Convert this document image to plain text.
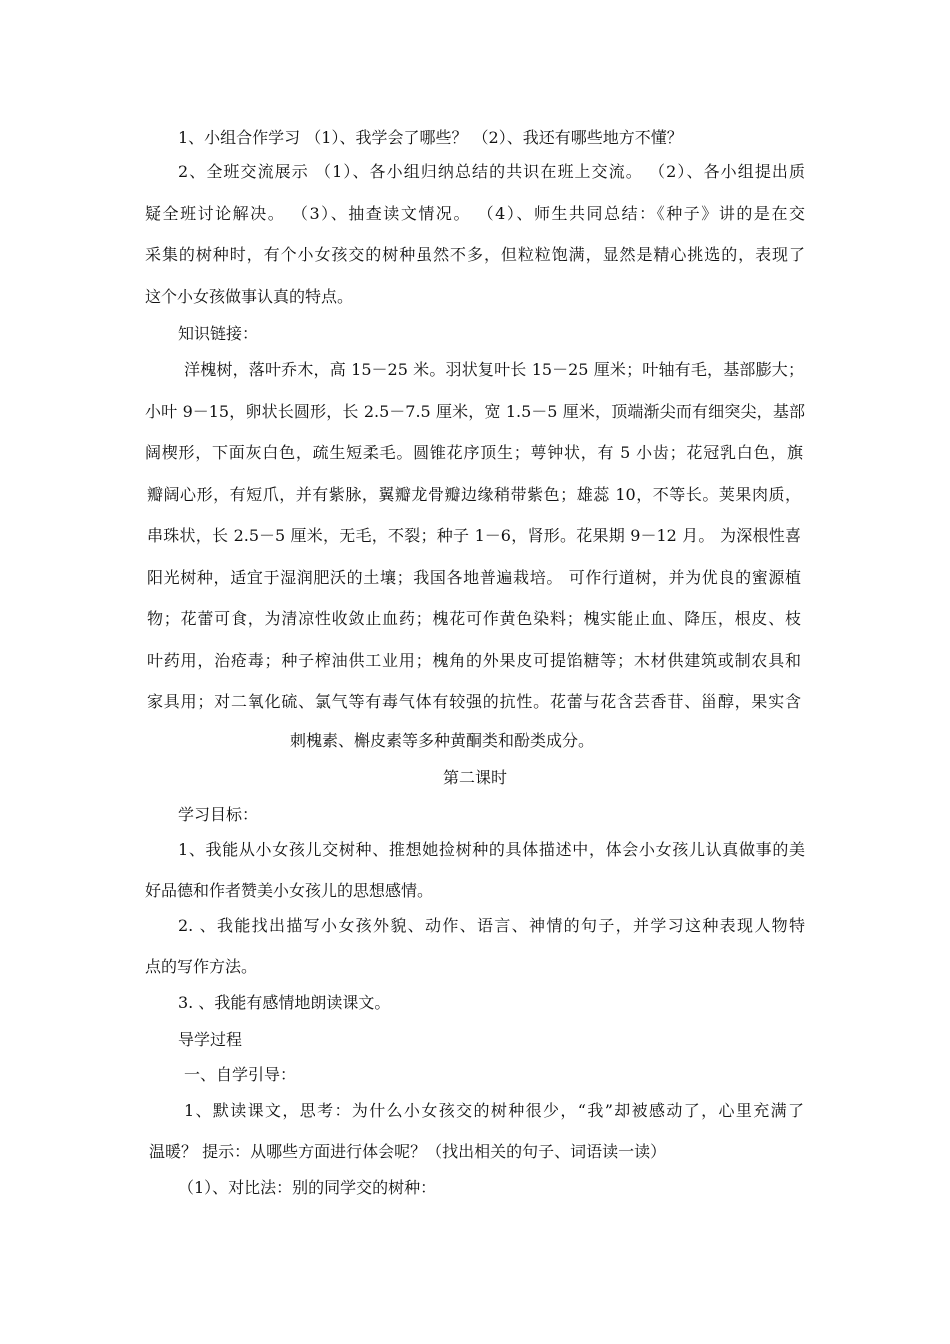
1、小组合作学习 （1）、我学会了哪些？ （2）、我还有哪些地方不懂？
2、全班交流展示 （1）、各小组归纳总结的共识在班上交流。 （2）、各小组提出质
疑全班讨论解决。 （3）、抽查读文情况。 （4）、师生共同总结：《种子》讲的是在交
采集的树种时，有个小女孩交的树种虽然不多，但粒粒饱满，显然是精心挑选的，表现了
这个小女孩做事认真的特点。
知识链接：
洋槐树，落叶乔木，高 15－25 米。羽状复叶长 15－25 厘米；叶轴有毛，基部膨大；
小叶 9－15，卵状长圆形，长 2.5－7.5 厘米，宽 1.5－5 厘米，顶端渐尖而有细突尖，基部
阔楔形，下面灰白色，疏生短柔毛。圆锥花序顶生；萼钟状，有 5 小齿；花冠乳白色，旗
瓣阔心形，有短爪，并有紫脉，翼瓣龙骨瓣边缘稍带紫色；雄蕊 10，不等长。荚果肉质，
串珠状，长 2.5－5 厘米，无毛，不裂；种子 1－6，肾形。花果期 9－12 月。 为深根性喜
阳光树种，适宜于湿润肥沃的土壤；我国各地普遍栽培。 可作行道树，并为优良的蜜源植
物；花蕾可食，为清凉性收敛止血药；槐花可作黄色染料；槐实能止血、降压，根皮、枝
叶药用，治疮毒；种子榨油供工业用；槐角的外果皮可提馅糖等；木材供建筑或制农具和
家具用；对二氧化硫、氯气等有毒气体有较强的抗性。花蕾与花含芸香苷、甾醇，果实含
刺槐素、槲皮素等多种黄酮类和酚类成分。
第二课时
学习目标：
1、我能从小女孩儿交树种、推想她捡树种的具体描述中，体会小女孩儿认真做事的美
好品德和作者赞美小女孩儿的思想感情。
2. 、我能找出描写小女孩外貌、动作、语言、神情的句子，并学习这种表现人物特
点的写作方法。
3. 、我能有感情地朗读课文。
导学过程
一、自学引导：
1、默读课文，思考：为什么小女孩交的树种很少，“我”却被感动了，心里充满了
温暖？ 提示：从哪些方面进行体会呢？（找出相关的句子、词语读一读）
（1）、对比法：别的同学交的树种：
